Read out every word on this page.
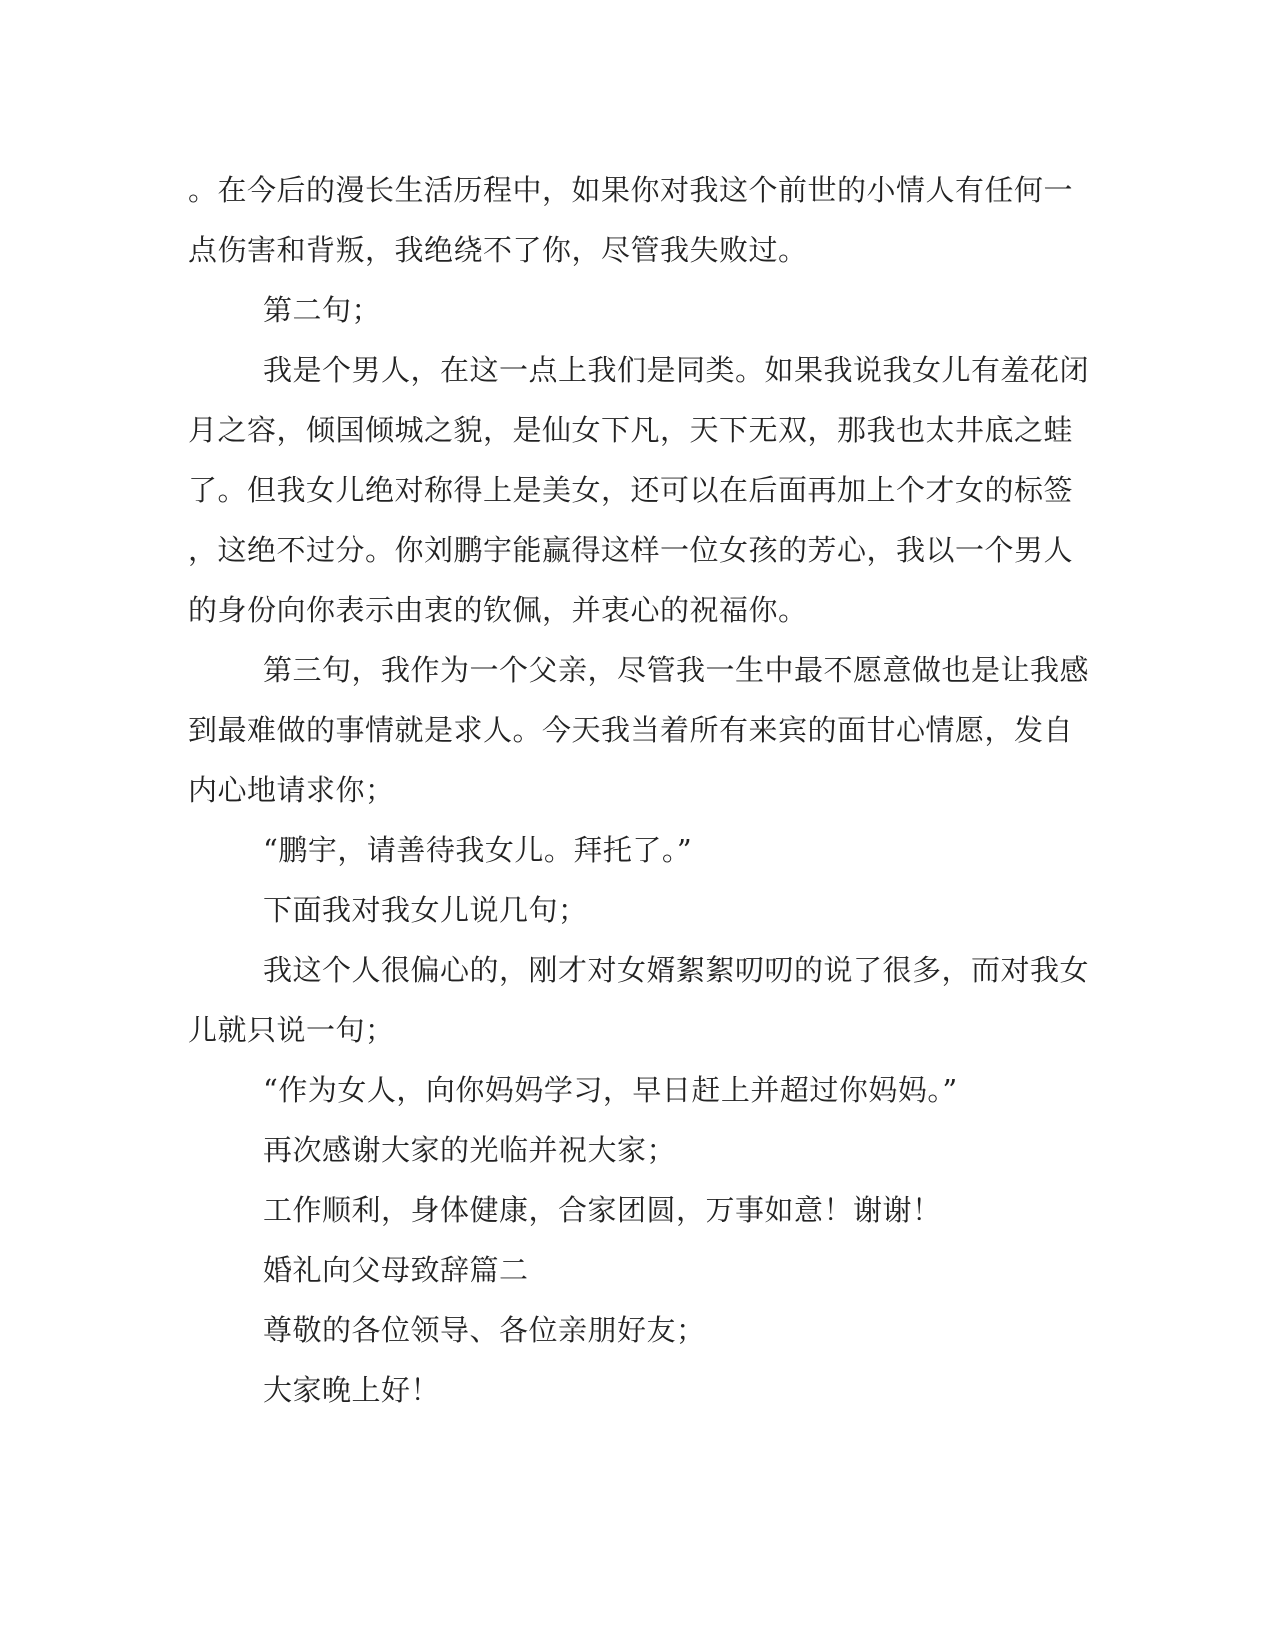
。在今后的漫长生活历程中，如果你对我这个前世的小情人有任何一
点伤害和背叛，我绝绕不了你，尽管我失败过。
第二句；
我是个男人，在这一点上我们是同类。如果我说我女儿有羞花闭
月之容，倾国倾城之貌，是仙女下凡，天下无双，那我也太井底之蛙
了。但我女儿绝对称得上是美女，还可以在后面再加上个才女的标签
，这绝不过分。你刘鹏宇能赢得这样一位女孩的芳心，我以一个男人
的身份向你表示由衷的钦佩，并衷心的祝福你。
第三句，我作为一个父亲，尽管我一生中最不愿意做也是让我感
到最难做的事情就是求人。今天我当着所有来宾的面甘心情愿，发自
内心地请求你；
“鹏宇，请善待我女儿。拜托了。”
下面我对我女儿说几句；
我这个人很偏心的，刚才对女婿絮絮叨叨的说了很多，而对我女
儿就只说一句；
“作为女人，向你妈妈学习，早日赶上并超过你妈妈。”
再次感谢大家的光临并祝大家；
工作顺利，身体健康，合家团圆，万事如意！谢谢！
婚礼向父母致辞篇二
尊敬的各位领导、各位亲朋好友；
大家晚上好！
